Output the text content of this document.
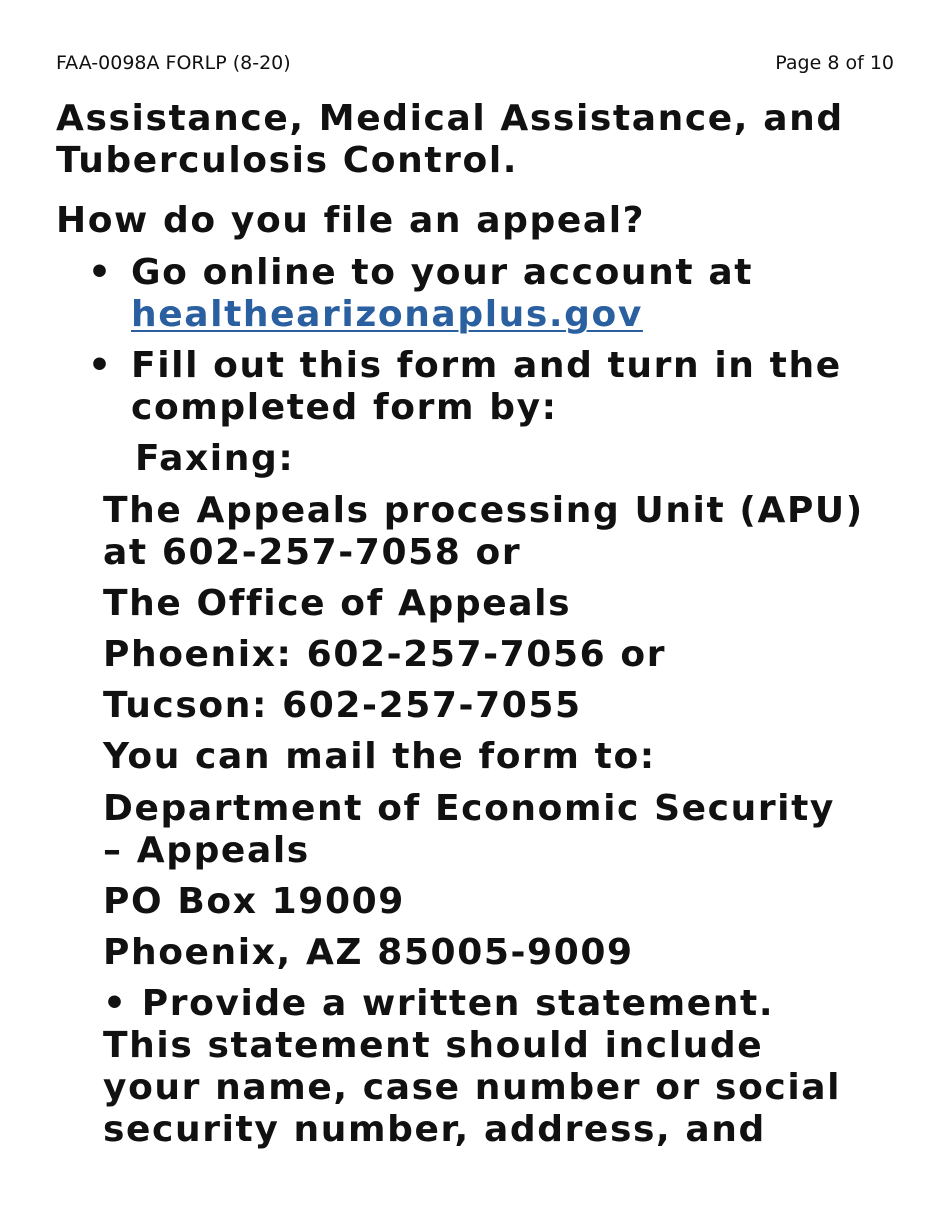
FAA-0098A FORLP (8-20)	Page 8 of 10
Assistance, Medical Assistance, and
Tuberculosis Control.
How do you file an appeal?
• Go online to your account at
healthearizonaplus.gov
• Fill out this form and turn in the
completed form by:
Faxing:
The Appeals processing Unit (APU)
at 602-257-7058 or
The Office of Appeals
Phoenix: 602-257-7056 or
Tucson: 602-257-7055
You can mail the form to:
Department of Economic Security
– Appeals
PO Box 19009
Phoenix, AZ 85005-9009
• Provide a written statement.
This statement should include
your name, case number or social
security number, address, and
